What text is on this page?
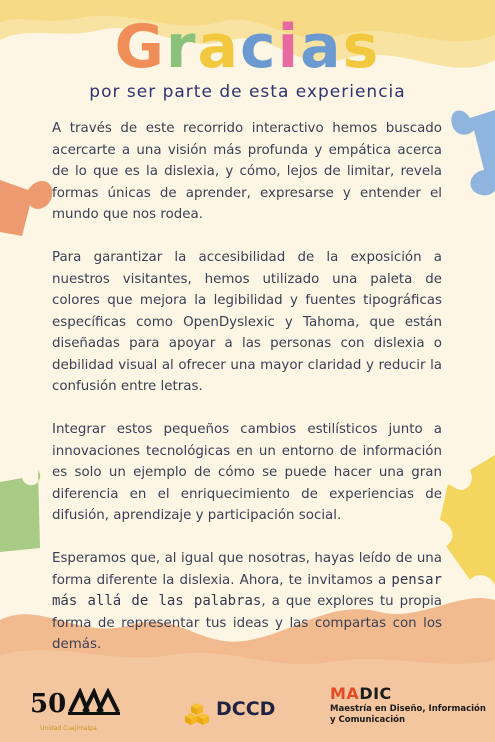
Gracias
por ser parte de esta experiencia

A través de este recorrido interactivo hemos buscado acercarte a una visión más profunda y empática acerca de lo que es la dislexia, y cómo, lejos de limitar, revela formas únicas de aprender, expresarse y entender el mundo que nos rodea.

Para garantizar la accesibilidad de la exposición a nuestros visitantes, hemos utilizado una paleta de colores que mejora la legibilidad y fuentes tipográficas específicas como OpenDyslexic y Tahoma, que están diseñadas para apoyar a las personas con dislexia o debilidad visual al ofrecer una mayor claridad y reducir la confusión entre letras.

Integrar estos pequeños cambios estilísticos junto a innovaciones tecnológicas en un entorno de información es solo un ejemplo de cómo se puede hacer una gran diferencia en el enriquecimiento de experiencias de difusión, aprendizaje y participación social.

Esperamos que, al igual que nosotras, hayas leído de una forma diferente la dislexia. Ahora, te invitamos a pensar más allá de las palabras, a que explores tu propia forma de representar tus ideas y las compartas con los demás.

50
Unidad Cuajimalpa
DCCD
MADIC
Maestría en Diseño, Información
y Comunicación
